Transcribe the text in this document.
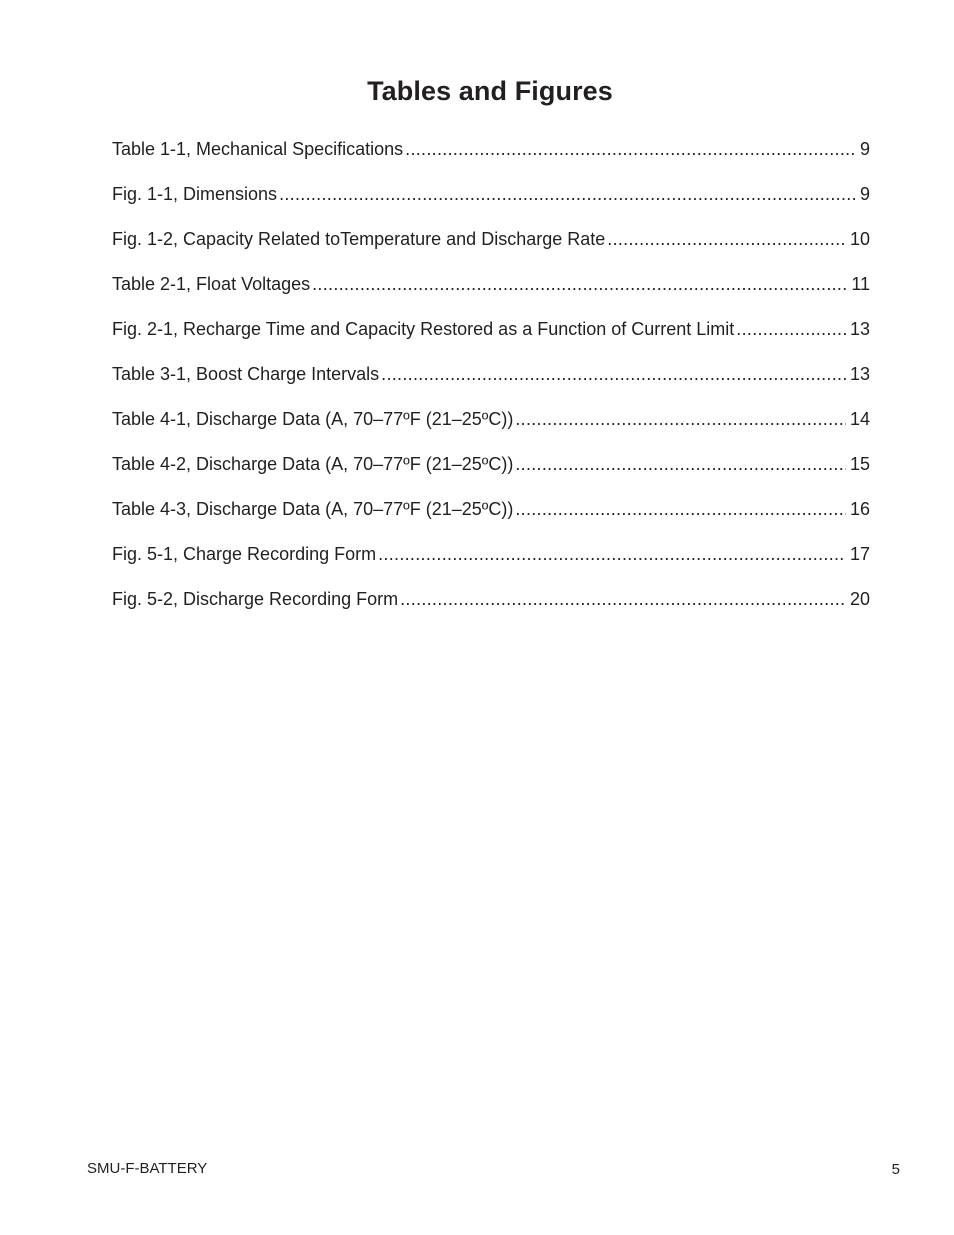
Tables and Figures
Table 1-1, Mechanical Specifications .....	9
Fig. 1-1, Dimensions .....	9
Fig. 1-2, Capacity Related toTemperature and Discharge Rate .....	10
Table 2-1, Float Voltages .....	11
Fig. 2-1, Recharge Time and Capacity Restored as a Function of Current Limit .....	13
Table 3-1, Boost Charge Intervals .....	13
Table 4-1, Discharge Data (A, 70–77ºF (21–25ºC)) .....	14
Table 4-2, Discharge Data (A, 70–77ºF (21–25ºC)) .....	15
Table 4-3, Discharge Data (A, 70–77ºF (21–25ºC)) .....	16
Fig. 5-1, Charge Recording Form .....	17
Fig. 5-2, Discharge Recording Form .....	20
SMU-F-BATTERY	5
